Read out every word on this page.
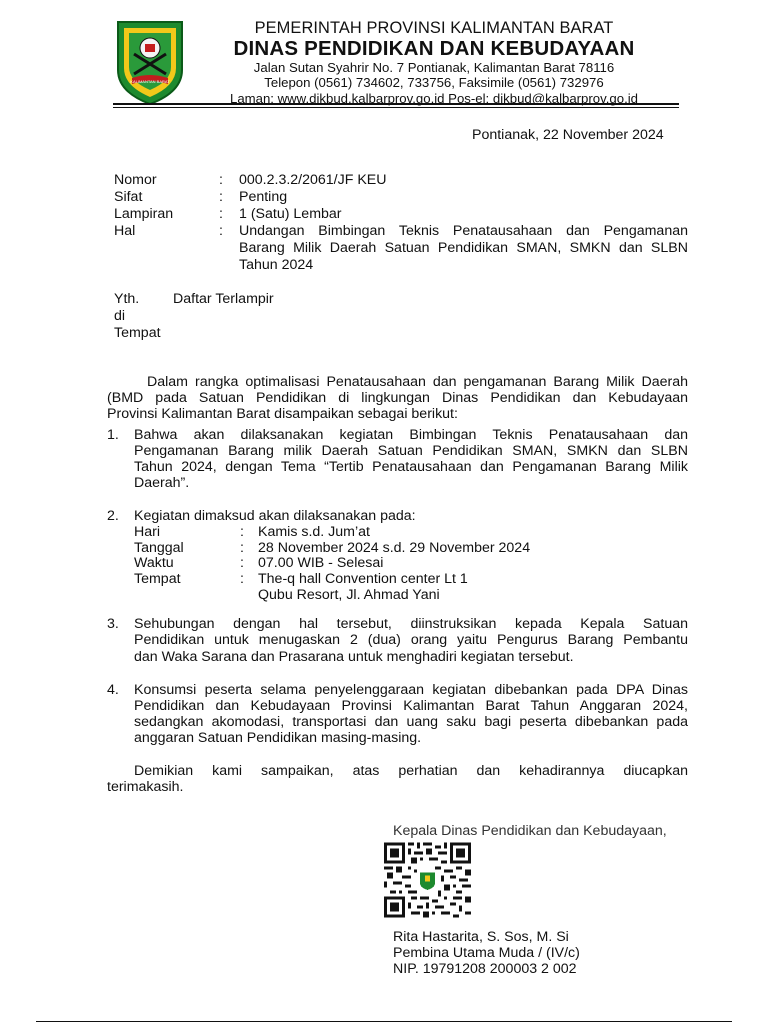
KALIMANTAN BARAT
PEMERINTAH PROVINSI KALIMANTAN BARAT
DINAS PENDIDIKAN DAN KEBUDAYAAN
Jalan Sutan Syahrir No. 7 Pontianak, Kalimantan Barat 78116
Telepon (0561) 734602, 733756, Faksimile (0561) 732976
Laman: www.dikbud.kalbarprov.go.id Pos-el: dikbud@kalbarprov.go.id
Pontianak, 22 November 2024
Nomor	: 000.2.3.2/2061/JF KEU
Sifat	: Penting
Lampiran	: 1 (Satu) Lembar
Hal	: Undangan Bimbingan Teknis Penatausahaan dan Pengamanan
Barang Milik Daerah Satuan Pendidikan SMAN, SMKN dan SLBN
Tahun 2024
Yth. Daftar Terlampir
di
Tempat
Dalam rangka optimalisasi Penatausahaan dan pengamanan Barang Milik Daerah
(BMD pada Satuan Pendidikan di lingkungan Dinas Pendidikan dan Kebudayaan
Provinsi Kalimantan Barat disampaikan sebagai berikut:
1. Bahwa akan dilaksanakan kegiatan Bimbingan Teknis Penatausahaan dan
Pengamanan Barang milik Daerah Satuan Pendidikan SMAN, SMKN dan SLBN
Tahun 2024, dengan Tema “Tertib Penatausahaan dan Pengamanan Barang Milik
Daerah”.
2. Kegiatan dimaksud akan dilaksanakan pada:
Hari	: Kamis s.d. Jum’at
Tanggal	: 28 November 2024 s.d. 29 November 2024
Waktu	: 07.00 WIB - Selesai
Tempat	: The-q hall Convention center Lt 1
Qubu Resort, Jl. Ahmad Yani
3. Sehubungan dengan hal tersebut, diinstruksikan kepada Kepala Satuan
Pendidikan untuk menugaskan 2 (dua) orang yaitu Pengurus Barang Pembantu
dan Waka Sarana dan Prasarana untuk menghadiri kegiatan tersebut.
4. Konsumsi peserta selama penyelenggaraan kegiatan dibebankan pada DPA Dinas
Pendidikan dan Kebudayaan Provinsi Kalimantan Barat Tahun Anggaran 2024,
sedangkan akomodasi, transportasi dan uang saku bagi peserta dibebankan pada
anggaran Satuan Pendidikan masing-masing.
Demikian kami sampaikan, atas perhatian dan kehadirannya diucapkan
terimakasih.
Kepala Dinas Pendidikan dan Kebudayaan,
Rita Hastarita, S. Sos, M. Si
Pembina Utama Muda / (IV/c)
NIP. 19791208 200003 2 002
